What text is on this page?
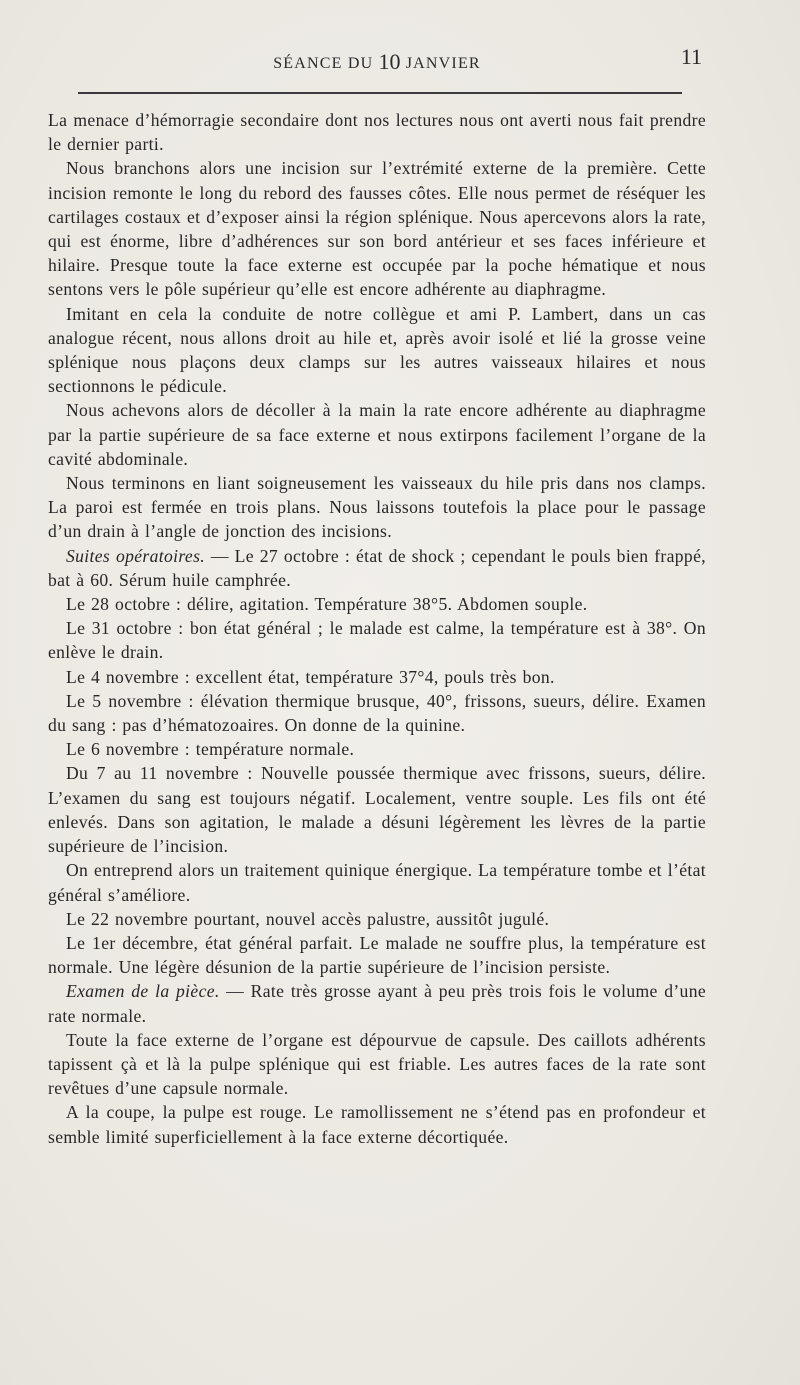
SÉANCE DU 10 JANVIER	11

La menace d’hémorragie secondaire dont nos lectures nous ont averti nous fait prendre le dernier parti.

Nous branchons alors une incision sur l’extrémité externe de la première. Cette incision remonte le long du rebord des fausses côtes. Elle nous permet de réséquer les cartilages costaux et d’exposer ainsi la région splénique. Nous apercevons alors la rate, qui est énorme, libre d’adhérences sur son bord antérieur et ses faces inférieure et hilaire. Presque toute la face externe est occupée par la poche hématique et nous sentons vers le pôle supérieur qu’elle est encore adhérente au diaphragme.

Imitant en cela la conduite de notre collègue et ami P. Lambert, dans un cas analogue récent, nous allons droit au hile et, après avoir isolé et lié la grosse veine splénique nous plaçons deux clamps sur les autres vaisseaux hilaires et nous sectionnons le pédicule.

Nous achevons alors de décoller à la main la rate encore adhérente au diaphragme par la partie supérieure de sa face externe et nous extirpons facilement l’organe de la cavité abdominale.

Nous terminons en liant soigneusement les vaisseaux du hile pris dans nos clamps. La paroi est fermée en trois plans. Nous laissons toutefois la place pour le passage d’un drain à l’angle de jonction des incisions.

Suites opératoires. — Le 27 octobre : état de shock ; cependant le pouls bien frappé, bat à 60. Sérum huile camphrée.

Le 28 octobre : délire, agitation. Température 38°5. Abdomen souple.

Le 31 octobre : bon état général ; le malade est calme, la température est à 38°. On enlève le drain.

Le 4 novembre : excellent état, température 37°4, pouls très bon.

Le 5 novembre : élévation thermique brusque, 40°, frissons, sueurs, délire. Examen du sang : pas d’hématozoaires. On donne de la quinine.

Le 6 novembre : température normale.

Du 7 au 11 novembre : Nouvelle poussée thermique avec frissons, sueurs, délire. L’examen du sang est toujours négatif. Localement, ventre souple. Les fils ont été enlevés. Dans son agitation, le malade a désuni légèrement les lèvres de la partie supérieure de l’incision.

On entreprend alors un traitement quinique énergique. La température tombe et l’état général s’améliore.

Le 22 novembre pourtant, nouvel accès palustre, aussitôt jugulé.

Le 1er décembre, état général parfait. Le malade ne souffre plus, la température est normale. Une légère désunion de la partie supérieure de l’incision persiste.

Examen de la pièce. — Rate très grosse ayant à peu près trois fois le volume d’une rate normale.

Toute la face externe de l’organe est dépourvue de capsule. Des caillots adhérents tapissent çà et là la pulpe splénique qui est friable. Les autres faces de la rate sont revêtues d’une capsule normale.

A la coupe, la pulpe est rouge. Le ramollissement ne s’étend pas en profondeur et semble limité superficiellement à la face externe décortiquée.
